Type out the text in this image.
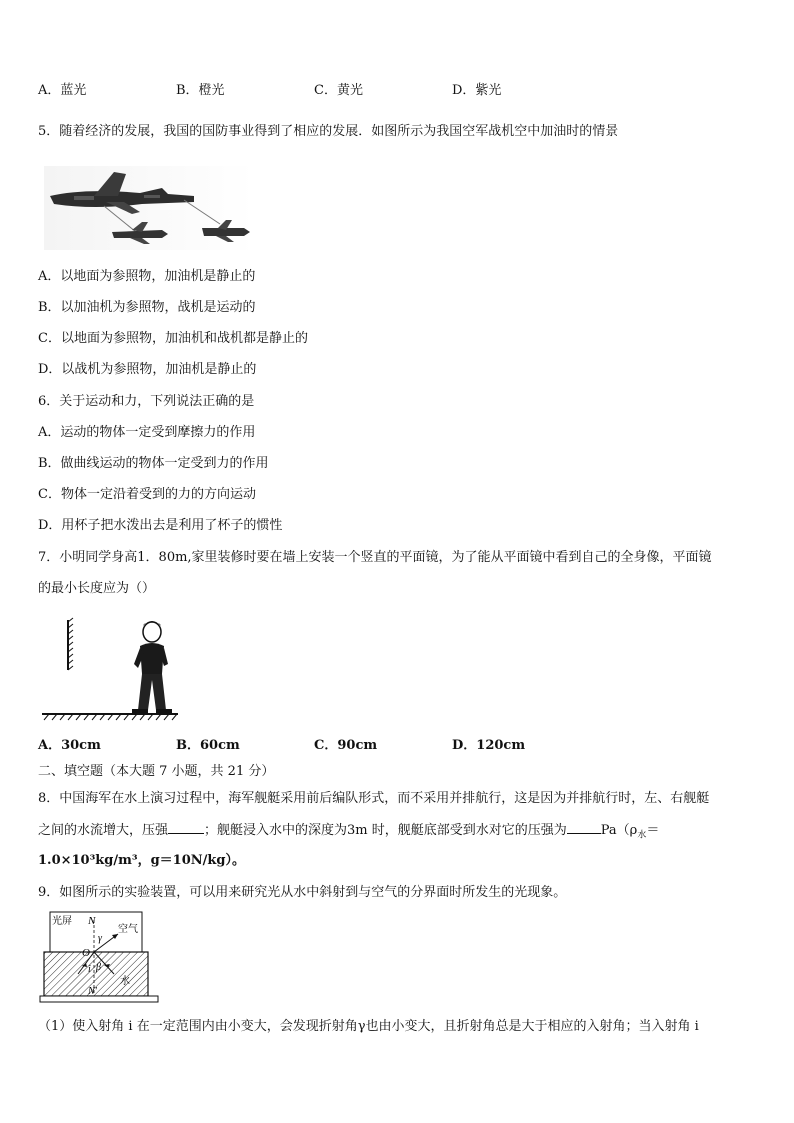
A．蓝光	B．橙光	C．黄光	D．紫光
5．随着经济的发展，我国的国防事业得到了相应的发展．如图所示为我国空军战机空中加油时的情景
A．以地面为参照物，加油机是静止的
B．以加油机为参照物，战机是运动的
C．以地面为参照物，加油机和战机都是静止的
D．以战机为参照物，加油机是静止的
6．关于运动和力，下列说法正确的是
A．运动的物体一定受到摩擦力的作用
B．做曲线运动的物体一定受到力的作用
C．物体一定沿着受到的力的方向运动
D．用杯子把水泼出去是利用了杯子的惯性
7．小明同学身高1．80m,家里装修时要在墙上安装一个竖直的平面镜，为了能从平面镜中看到自己的全身像，平面镜
的最小长度应为（）
A．30cm	B．60cm	C．90cm	D．120cm
二、填空题（本大题 7 小题，共 21 分）
8．中国海军在水上演习过程中，海军舰艇采用前后编队形式，而不采用并排航行，这是因为并排航行时，左、右舰艇
之间的水流增大，压强	；舰艇浸入水中的深度为3m 时，舰艇底部受到水对它的压强为	$Pa(\rho_水=$
1.0×10³kg/m³，g＝10N/kg）。
9．如图所示的实验装置，可以用来研究光从水中斜射到与空气的分界面时所发生的光现象。
光屏 N
空气
γ
O
i β
水
N'
（1）使入射角 i 在一定范围内由小变大，会发现折射角γ也由小变大，且折射角总是大于相应的入射角；当入射角 i
